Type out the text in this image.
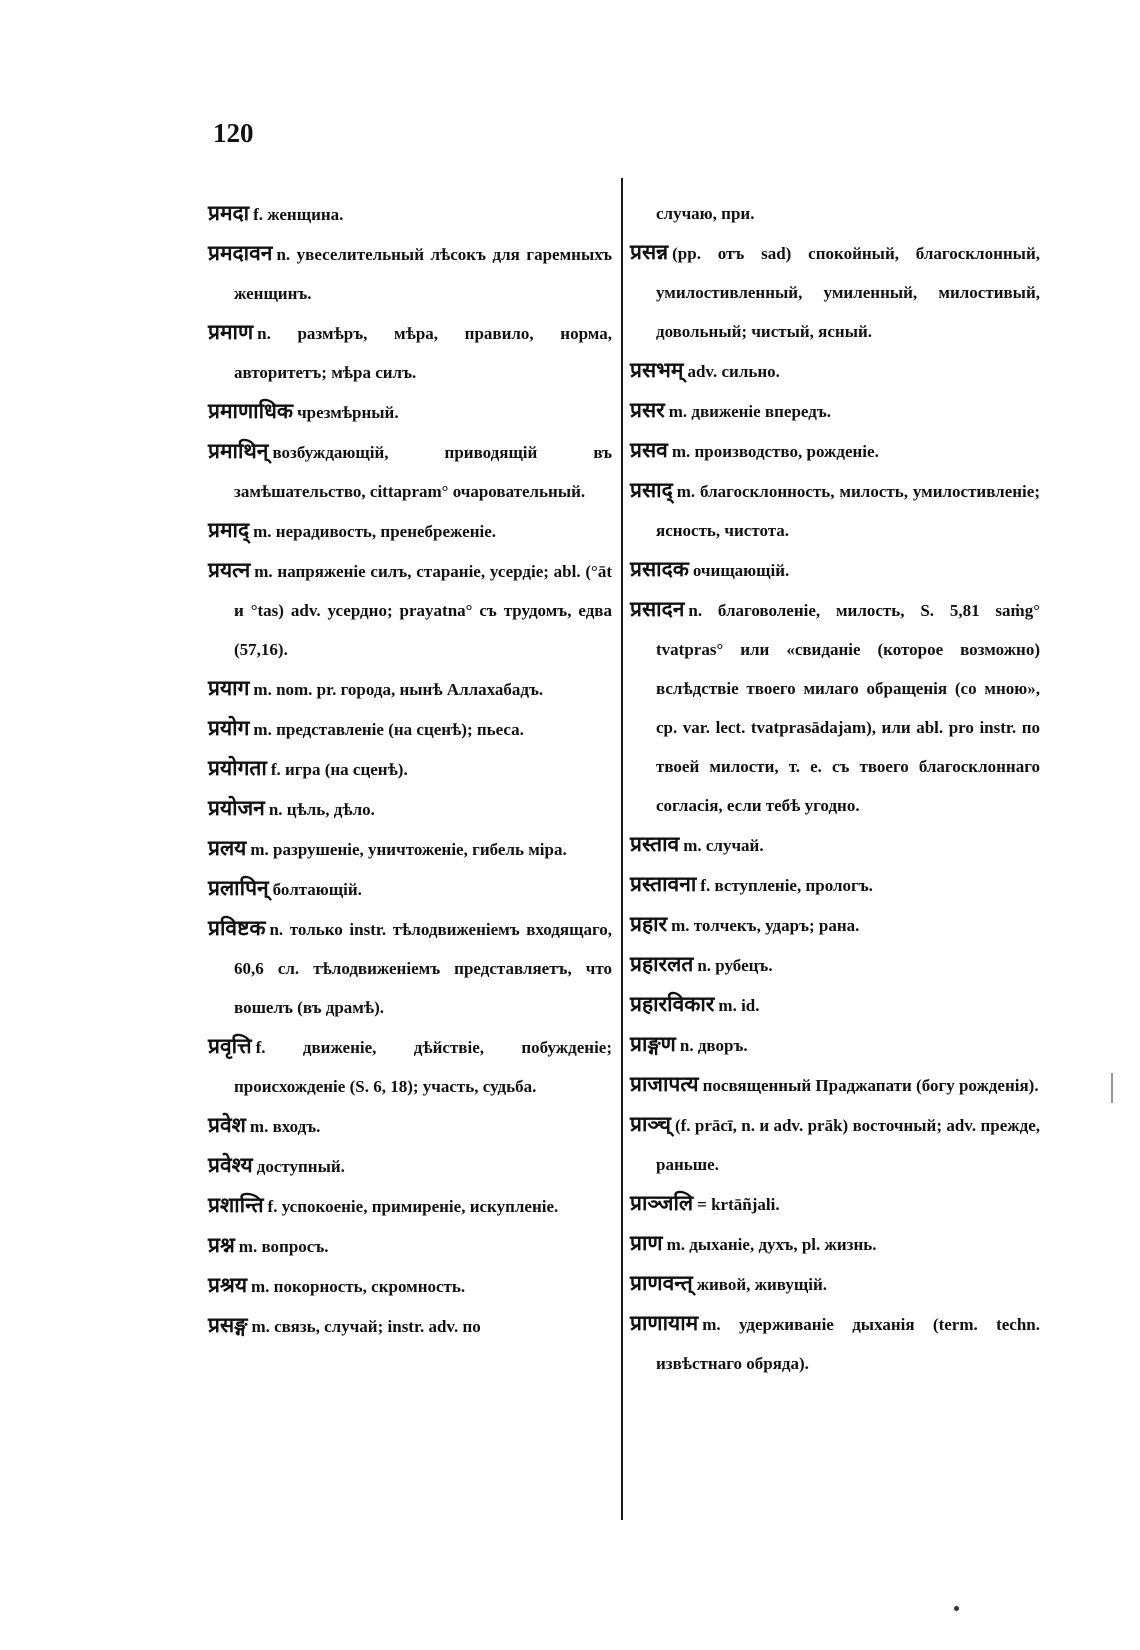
120
प्रमदा f. женщина.
प्रमदावन n. увеселительный лѣсокъ для гаремныхъ женщинъ.
प्रमाण n. размѣръ, мѣра, правило, норма, авторитетъ; мѣра силъ.
प्रमाणाधिक чрезмѣрный.
प्रमाथिन् возбуждающій, приводящій въ замѣшательство, cittapram° очаровательный.
प्रमाद् m. нерадивость, пренебреженіе.
प्रयत्न m. напряженіе силъ, стараніе, усердіе; abl. (°āt и °tas) adv. усердно; prayatna° съ трудомъ, едва (57,16).
प्रयाग m. nom. pr. города, нынѣ Аллахабадъ.
प्रयोग m. представленіе (на сценѣ); пьеса.
प्रयोगता f. игра (на сценѣ).
प्रयोजन n. цѣль, дѣло.
प्रलय m. разрушеніе, уничтоженіе, гибель міра.
प्रलापिन् болтающій.
प्रविष्टक n. только instr. тѣлодвиженіемъ входящаго, 60,6 сл. тѣлодвиженіемъ представляетъ, что вошелъ (въ драмѣ).
प्रवृत्ति f. движеніе, дѣйствіе, побужденіе; происхожденіе (S. 6, 18); участь, судьба.
प्रवेश m. входъ.
प्रवेश्य доступный.
प्रशान्ति f. успокоеніе, примиреніе, искупленіе.
प्रश्न m. вопросъ.
प्रश्रय m. покорность, скромность.
प्रसङ्ग m. связь, случай; instr. adv. по
случаю, при.
प्रसन्न (pp. отъ sad) спокойный, благосклонный, умилостивленный, умиленный, милостивый, довольный; чистый, ясный.
प्रसभम् adv. сильно.
प्रसर m. движеніе впередъ.
प्रसव m. производство, рожденіе.
प्रसाद् m. благосклонность, милость, умилостивленіе; ясность, чистота.
प्रसादक очищающій.
प्रसादन n. благоволеніе, милость, S. 5,81 saṁg° tvatpras° или «свиданіе (которое возможно) вслѣдствіе твоего милаго обращенія (со мною», ср. var. lect. tvatprasādajam), или abl. pro instr. по твоей милости, т. е. съ твоего благосклоннаго согласія, если тебѣ угодно.
प्रस्ताव m. случай.
प्रस्तावना f. вступленіе, прологъ.
प्रहार m. толчекъ, ударъ; рана.
प्रहारलत n. рубецъ.
प्रहारविकार m. id.
प्राङ्गण n. дворъ.
प्राजापत्य посвященный Праджапати (богу рожденія).
प्राञ्च् (f. prācī, n. и adv. prāk) восточный; adv. прежде, раньше.
प्राञ्जलि = krtāñjali.
प्राण m. дыханіе, духъ, pl. жизнь.
प्राणवन्त् живой, живущій.
प्राणायाम m. удерживаніе дыханія (term. techn. извѣстнаго обряда).
